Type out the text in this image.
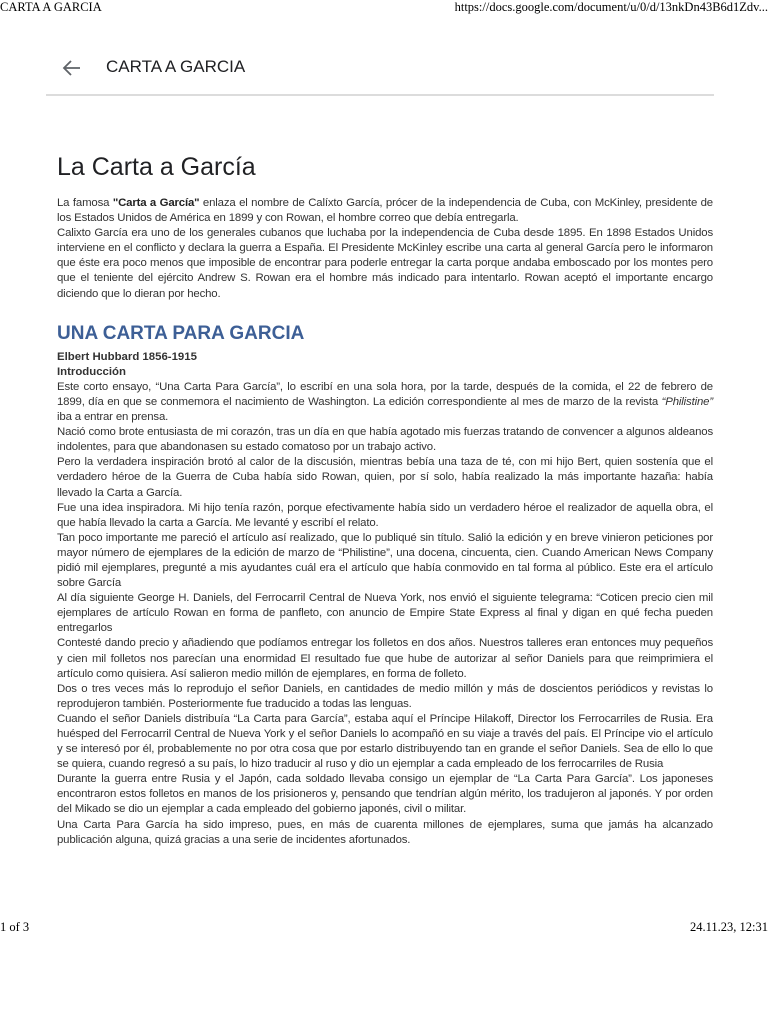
CARTA A GARCIA	https://docs.google.com/document/u/0/d/13nkDn43B6d1Zdv...
CARTA A GARCIA
La Carta a García

La famosa "Carta a García" enlaza el nombre de Calíxto García, prócer de la independencia de Cuba, con McKinley, presidente de los Estados Unidos de América en 1899 y con Rowan, el hombre correo que debía entregarla.

Calixto García era uno de los generales cubanos que luchaba por la independencia de Cuba desde 1895. En 1898 Estados Unidos interviene en el conflicto y declara la guerra a España. El Presidente McKinley escribe una carta al general García pero le informaron que éste era poco menos que imposible de encontrar para poderle entregar la carta porque andaba emboscado por los montes pero que el teniente del ejército Andrew S. Rowan era el hombre más indicado para intentarlo. Rowan aceptó el importante encargo diciendo que lo dieran por hecho.

UNA CARTA PARA GARCIA

Elbert Hubbard 1856-1915

Introducción

Este corto ensayo, “Una Carta Para García”, lo escribí en una sola hora, por la tarde, después de la comida, el 22 de febrero de 1899, día en que se conmemora el nacimiento de Washington. La edición correspondiente al mes de marzo de la revista “Philistine” iba a entrar en prensa.

Nació como brote entusiasta de mi corazón, tras un día en que había agotado mis fuerzas tratando de convencer a algunos aldeanos indolentes, para que abandonasen su estado comatoso por un trabajo activo.

Pero la verdadera inspiración brotó al calor de la discusión, mientras bebía una taza de té, con mi hijo Bert, quien sostenía que el verdadero héroe de la Guerra de Cuba había sido Rowan, quien, por sí solo, había realizado la más importante hazaña: había llevado la Carta a García.

Fue una idea inspiradora. Mi hijo tenía razón, porque efectivamente había sido un verdadero héroe el realizador de aquella obra, el que había llevado la carta a García. Me levanté y escribí el relato.

Tan poco importante me pareció el artículo así realizado, que lo publiqué sin título. Salió la edición y en breve vinieron peticiones por mayor número de ejemplares de la edición de marzo de “Philistine”, una docena, cincuenta, cien. Cuando American News Company pidió mil ejemplares, pregunté a mis ayudantes cuál era el artículo que había conmovido en tal forma al público. Este era el artículo sobre García

Al día siguiente George H. Daniels, del Ferrocarril Central de Nueva York, nos envió el siguiente telegrama: “Coticen precio cien mil ejemplares de artículo Rowan en forma de panfleto, con anuncio de Empire State Express al final y digan en qué fecha pueden entregarlos

Contesté dando precio y añadiendo que podíamos entregar los folletos en dos años. Nuestros talleres eran entonces muy pequeños y cien mil folletos nos parecían una enormidad El resultado fue que hube de autorizar al señor Daniels para que reimprimiera el artículo como quisiera. Así salieron medio millón de ejemplares, en forma de folleto.

Dos o tres veces más lo reprodujo el señor Daniels, en cantidades de medio millón y más de doscientos periódicos y revistas lo reprodujeron también. Posteriormente fue traducido a todas las lenguas.

Cuando el señor Daniels distribuía “La Carta para García”, estaba aquí el Príncipe Hilakoff, Director los Ferrocarriles de Rusia. Era huésped del Ferrocarril Central de Nueva York y el señor Daniels lo acompañó en su viaje a través del país. El Príncipe vio el artículo y se interesó por él, probablemente no por otra cosa que por estarlo distribuyendo tan en grande el señor Daniels. Sea de ello lo que se quiera, cuando regresó a su país, lo hizo traducir al ruso y dio un ejemplar a cada empleado de los ferrocarriles de Rusia

Durante la guerra entre Rusia y el Japón, cada soldado llevaba consigo un ejemplar de “La Carta Para García”. Los japoneses encontraron estos folletos en manos de los prisioneros y, pensando que tendrían algún mérito, los tradujeron al japonés. Y por orden del Mikado se dio un ejemplar a cada empleado del gobierno japonés, civil o militar.

Una Carta Para García ha sido impreso, pues, en más de cuarenta millones de ejemplares, suma que jamás ha alcanzado publicación alguna, quizá gracias a una serie de incidentes afortunados.

1 of 3	24.11.23, 12:31
